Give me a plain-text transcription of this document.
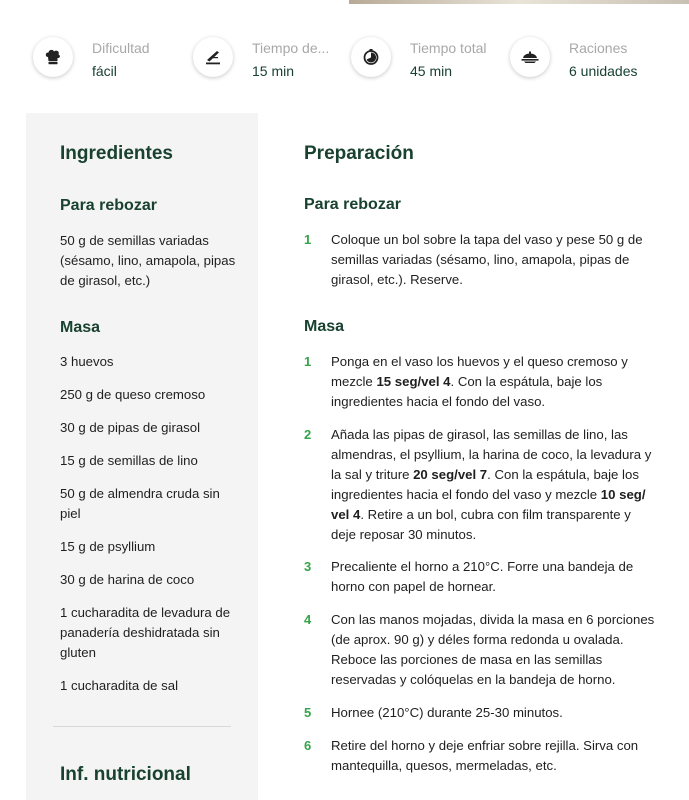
Dificultad
fácil
Tiempo de...
15 min
Tiempo total
45 min
Raciones
6 unidades
Ingredientes
Para rebozar
50 g de semillas variadas (sésamo, lino, amapola, pipas de girasol, etc.)
Masa
3 huevos
250 g de queso cremoso
30 g de pipas de girasol
15 g de semillas de lino
50 g de almendra cruda sin piel
15 g de psyllium
30 g de harina de coco
1 cucharadita de levadura de panadería deshidratada sin gluten
1 cucharadita de sal
Inf. nutricional
Preparación
Para rebozar
1 Coloque un bol sobre la tapa del vaso y pese 50 g de semillas variadas (sésamo, lino, amapola, pipas de girasol, etc.). Reserve.

Masa
1 Ponga en el vaso los huevos y el queso cremoso y mezcle 15 seg/vel 4. Con la espátula, baje los ingredientes hacia el fondo del vaso.

2 Añada las pipas de girasol, las semillas de lino, las almendras, el psyllium, la harina de coco, la levadura y la sal y triture 20 seg/vel 7. Con la espátula, baje los ingredientes hacia el fondo del vaso y mezcle 10 seg/ vel 4. Retire a un bol, cubra con film transparente y deje reposar 30 minutos.

3 Precaliente el horno a 210°C. Forre una bandeja de horno con papel de hornear.

4 Con las manos mojadas, divida la masa en 6 porciones (de aprox. 90 g) y déles forma redonda u ovalada. Reboce las porciones de masa en las semillas reservadas y colóquelas en la bandeja de horno.

5 Hornee (210°C) durante 25-30 minutos.

6 Retire del horno y deje enfriar sobre rejilla. Sirva con mantequilla, quesos, mermeladas, etc.
